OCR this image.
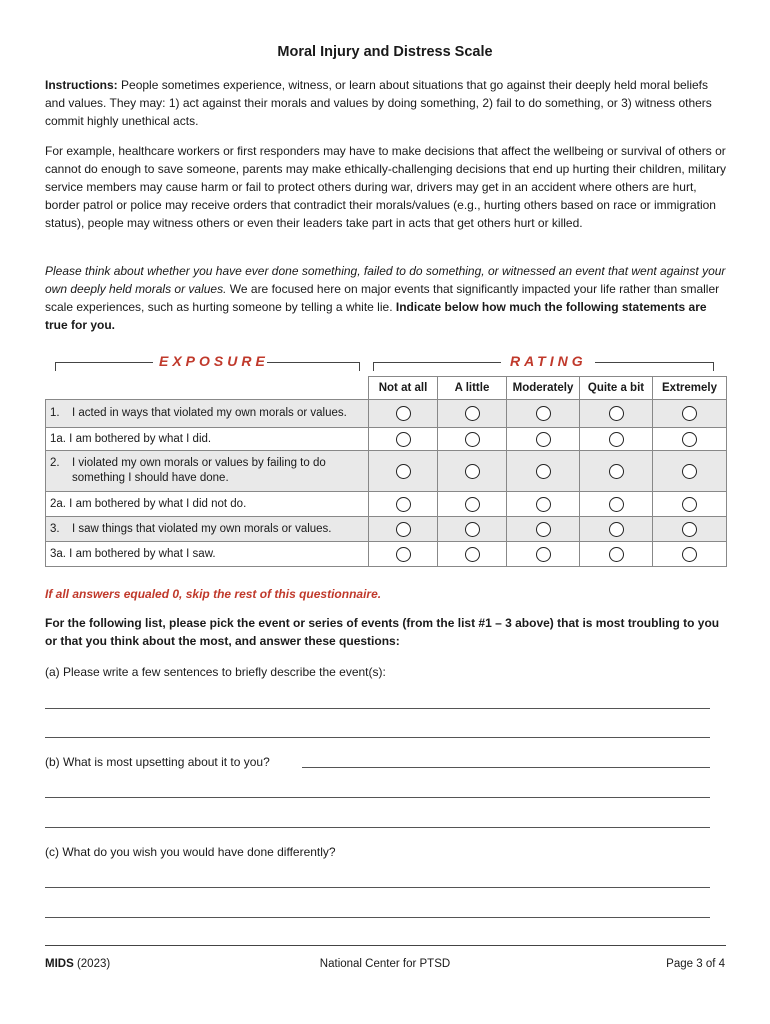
Moral Injury and Distress Scale
Instructions: People sometimes experience, witness, or learn about situations that go against their deeply held moral beliefs and values. They may: 1) act against their morals and values by doing something, 2) fail to do something, or 3) witness others commit highly unethical acts.
For example, healthcare workers or first responders may have to make decisions that affect the wellbeing or survival of others or cannot do enough to save someone, parents may make ethically-challenging decisions that end up hurting their children, military service members may cause harm or fail to protect others during war, drivers may get in an accident where others are hurt, border patrol or police may receive orders that contradict their morals/values (e.g., hurting others based on race or immigration status), people may witness others or even their leaders take part in acts that get others hurt or killed.
Please think about whether you have ever done something, failed to do something, or witnessed an event that went against your own deeply held morals or values. We are focused here on major events that significantly impacted your life rather than smaller scale experiences, such as hurting someone by telling a white lie. Indicate below how much the following statements are true for you.
EXPOSURE	RATING
	Not at all	A little	Moderately	Quite a bit	Extremely
1. I acted in ways that violated my own morals or values.					
1a. I am bothered by what I did.					

2. I violated my own morals or values by failing to do something I should have done.					

2a. I am bothered by what I did not do.					
3. I saw things that violated my own morals or values.					
3a. I am bothered by what I saw.					
If all answers equaled 0, skip the rest of this questionnaire.
For the following list, please pick the event or series of events (from the list #1 – 3 above) that is most troubling to you or that you think about the most, and answer these questions:
(a) Please write a few sentences to briefly describe the event(s):
(b) What is most upsetting about it to you?
(c) What do you wish you would have done differently?
MIDS (2023)	National Center for PTSD	Page 3 of 4
